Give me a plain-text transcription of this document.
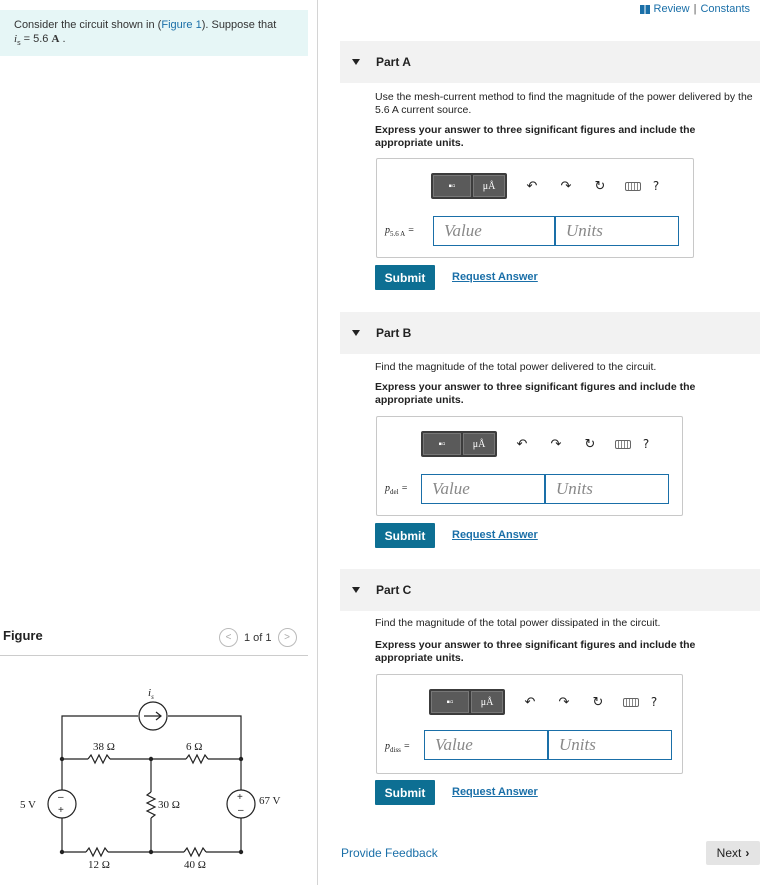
Review | Constants
Consider the circuit shown in (Figure 1). Suppose that
$i_s = 5.6$ A .
Part A
Use the mesh-current method to find the magnitude of the power delivered by the 5.6 A current source.
Express your answer to three significant figures and include the appropriate units.
▪▫	μÅ	↶	↷	↻	?
$p_{5.6 A}$ =	Value	Units
Submit	Request Answer
Part B
Find the magnitude of the total power delivered to the circuit.
Express your answer to three significant figures and include the appropriate units.
▪▫	μÅ	↶	↷	↻	?
$p_{del}$ =	Value	Units
Submit	Request Answer
Part C
Find the magnitude of the total power dissipated in the circuit.
Express your answer to three significant figures and include the appropriate units.
▪▫	μÅ	↶	↷	↻	?
$p_{diss}$ =	Value	Units
Submit	Request Answer
Figure	<	1 of 1	>
–
+
+
–
$i_s$
38 Ω	6 Ω
30 Ω
12 Ω	40 Ω
5 V	67 V
Provide Feedback	Next ›
